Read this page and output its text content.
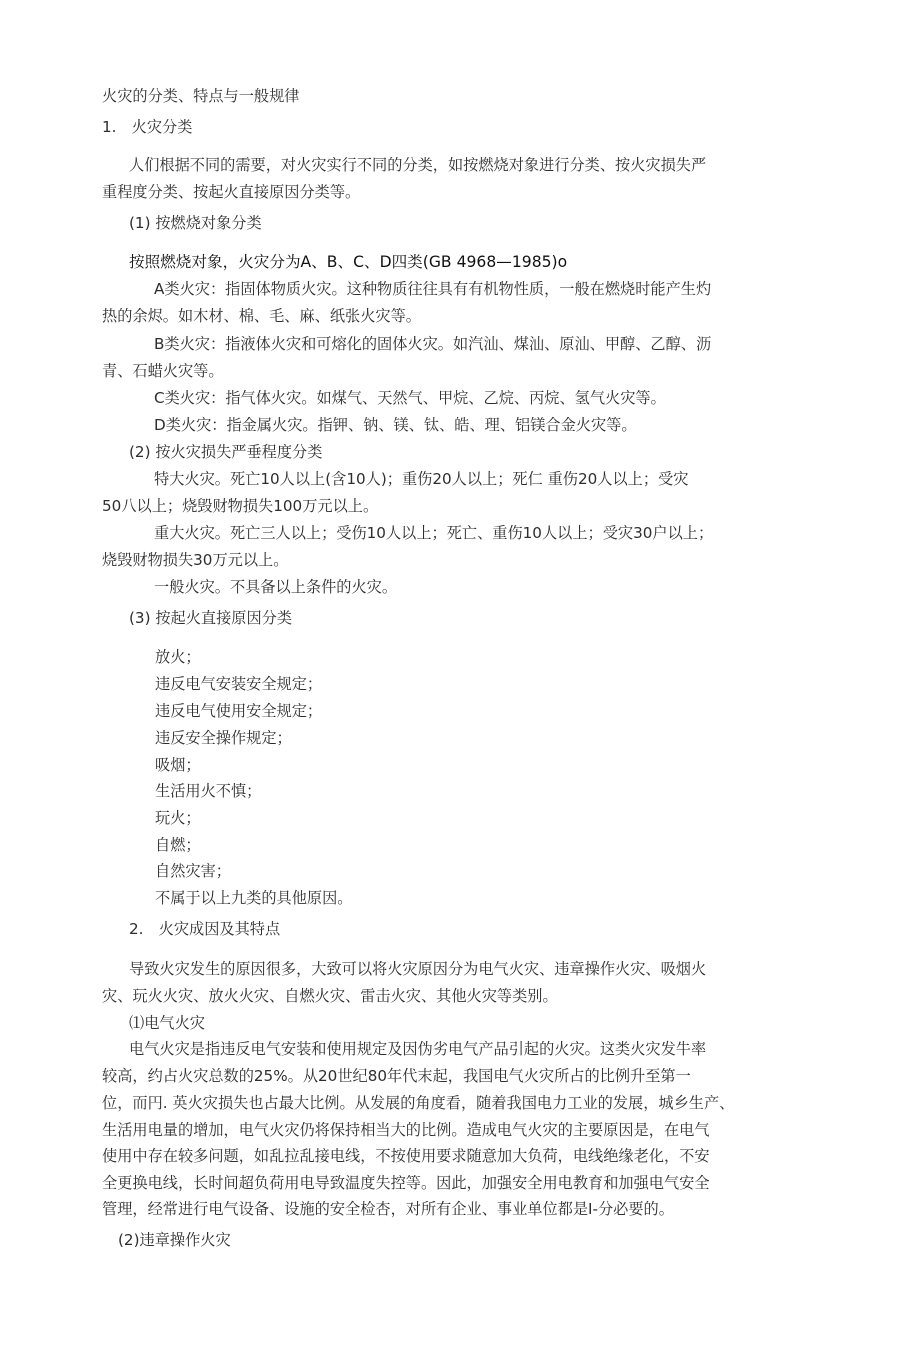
火灾的分类、特点与一般规律
1.　火灾分类
人们根据不同的需要，对火灾实行不同的分类，如按燃烧对象进行分类、按火灾损失严
重程度分类、按起火直接原因分类等。
(1) 按燃烧对象分类
按照燃烧对象，火灾分为A、B、C、D四类(GB 4968—1985)o
A类火灾：指固体物质火灾。这种物质往往具有有机物性质，一般在燃烧时能产生灼
热的余烬。如木材、棉、毛、麻、纸张火灾等。
B类火灾：指液体火灾和可熔化的固体火灾。如汽汕、煤汕、原汕、甲醇、乙醇、沥
青、石蜡火灾等。
C类火灾：指气体火灾。如煤气、天然气、甲烷、乙烷、丙烷、氢气火灾等。
D类火灾：指金属火灾。指钾、钠、镁、钛、皓、理、铝镁合金火灾等。
(2) 按火灾损失严垂程度分类
特大火灾。死亡10人以上(含10人)；重伤20人以上；死仁 重伤20人以上；受灾
50八以上；烧毁财物损失100万元以上。
重大火灾。死亡三人以上；受伤10人以上；死亡、重伤10人以上；受灾30户以上；
烧毁财物损失30万元以上。
一般火灾。不具备以上条件的火灾。
(3) 按起火直接原因分类
放火；
违反电气安装安全规定；
违反电气使用安全规定；
违反安全操作规定；
吸烟；
生活用火不慎；
玩火；
自燃；
自然灾害；
不属于以上九类的具他原因。
2.　火灾成因及其特点
导致火灾发生的原因很多，大致可以将火灾原因分为电气火灾、违章操作火灾、吸烟火
灾、玩火火灾、放火火灾、自燃火灾、雷击火灾、其他火灾等类别。
⑴电气火灾
电气火灾是指违反电气安装和使用规定及因伪劣电气产品引起的火灾。这类火灾发牛率
较高，约占火灾总数的25%。从20世纪80年代末起，我国电气火灾所占的比例升至第一
位，而円. 英火灾损失也占最大比例。从发展的角度看，随着我国电力工业的发展，城乡生产、
生活用电量的增加，电气火灾仍将保持相当大的比例。造成电气火灾的主要原因是，在电气
使用中存在较多问题，如乱拉乱接电线，不按使用要求随意加大负荷，电线绝缘老化，不安
全更换电线，长时间超负荷用电导致温度失控等。因此，加强安全用电教育和加强电气安全
管理，经常进行电气设备、设施的安全检杏，对所有企业、事业单位都是I-分必要的。
(2)违章操作火灾
